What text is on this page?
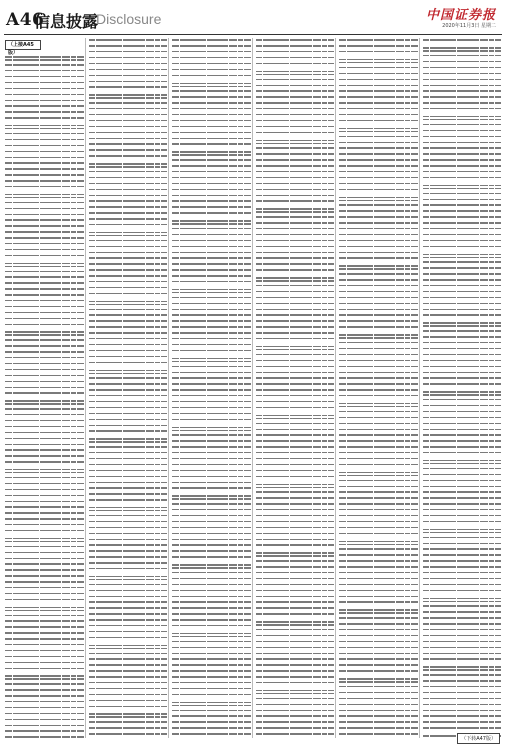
A46
信息披露
Disclosure	中国证券报
2020年11月3日 星期二
（上接A45版）
（下转A47版）
